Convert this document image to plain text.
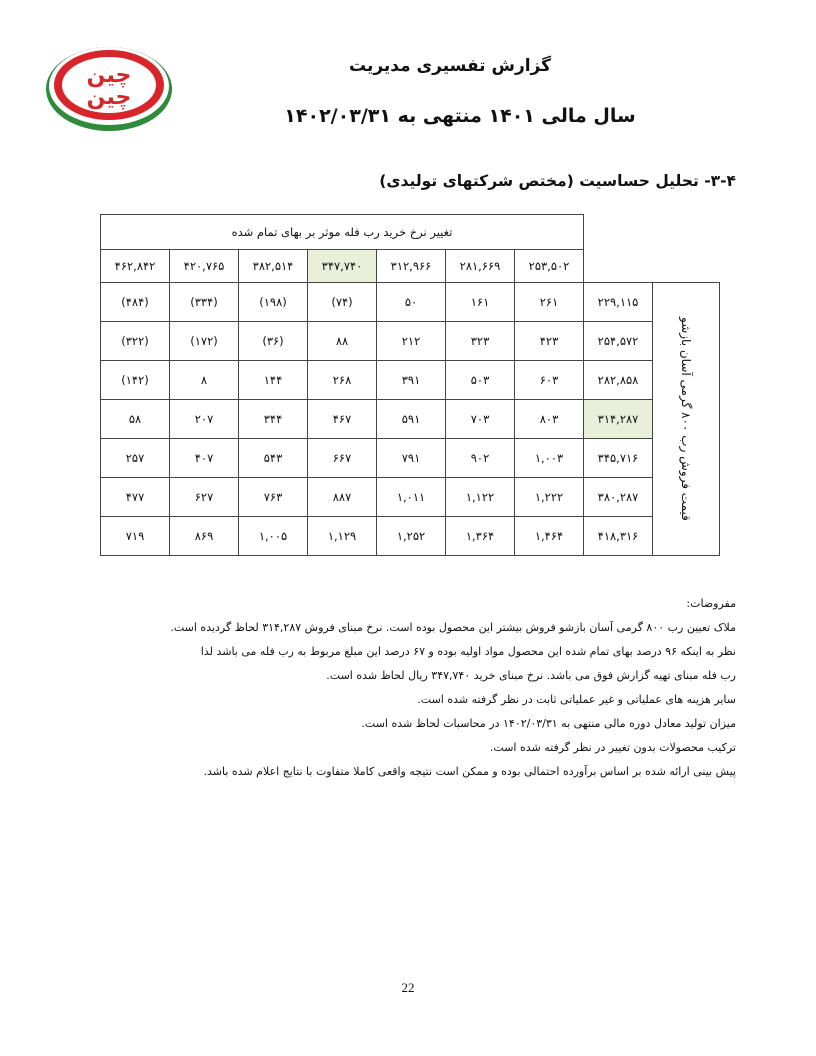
چین
چین
گزارش تفسیری مدیریت
سال مالی ۱۴۰۱ منتهی به ۱۴۰۲/۰۳/۳۱
۳-۴- تحلیل حساسیت (مختص شرکتهای تولیدی)
تغییر نرخ خرید رب فله موثر بر بهای تمام شده								
۴۶۲,۸۴۲	۴۲۰,۷۶۵	۳۸۲,۵۱۴	۳۴۷,۷۴۰	۳۱۲,۹۶۶	۲۸۱,۶۶۹	۲۵۳,۵۰۲		
(۴۸۴)	(۳۳۴)	(۱۹۸)	(۷۴)	۵۰	۱۶۱	۲۶۱	۲۲۹,۱۱۵	قیمت فروش رب ۸۰۰ گرمی آسان بازشو

(۳۲۲)	(۱۷۲)	(۳۶)	۸۸	۲۱۲	۳۲۳	۴۲۳	۲۵۴,۵۷۲	
(۱۴۲)	۸	۱۴۴	۲۶۸	۳۹۱	۵۰۳	۶۰۳	۲۸۲,۸۵۸	
۵۸	۲۰۷	۳۴۴	۴۶۷	۵۹۱	۷۰۳	۸۰۳	۳۱۴,۲۸۷	
۲۵۷	۴۰۷	۵۴۳	۶۶۷	۷۹۱	۹۰۲	۱,۰۰۳	۳۴۵,۷۱۶	
۴۷۷	۶۲۷	۷۶۳	۸۸۷	۱,۰۱۱	۱,۱۲۲	۱,۲۲۲	۳۸۰,۲۸۷	
۷۱۹	۸۶۹	۱,۰۰۵	۱,۱۲۹	۱,۲۵۲	۱,۳۶۴	۱,۴۶۴	۴۱۸,۳۱۶	
مفروضات:
ملاک تعیین رب ۸۰۰ گرمی آسان بازشو فروش بیشتر این محصول بوده است. نرخ مبنای فروش ۳۱۴,۲۸۷ لحاظ گردیده است.
نظر به اینکه ۹۶ درصد بهای تمام شده این محصول مواد اولیه بوده و ۶۷ درصد این مبلغ مربوط به رب فله می باشد لذا
رب فله مبنای تهیه گزارش فوق می باشد. نرخ مبنای خرید ۳۴۷,۷۴۰ ریال لحاظ شده است.
سایر هزینه های عملیاتی و غیر عملیاتی ثابت در نظر گرفته شده است.
میزان تولید معادل دوره مالی منتهی به ۱۴۰۲/۰۳/۳۱ در محاسبات لحاظ شده است.
ترکیب محصولات بدون تغییر در نظر گرفته شده است.
پیش بینی ارائه شده بر اساس برآورده احتمالی بوده و ممکن است نتیجه واقعی کاملا متفاوت با نتایج اعلام شده باشد.
22
